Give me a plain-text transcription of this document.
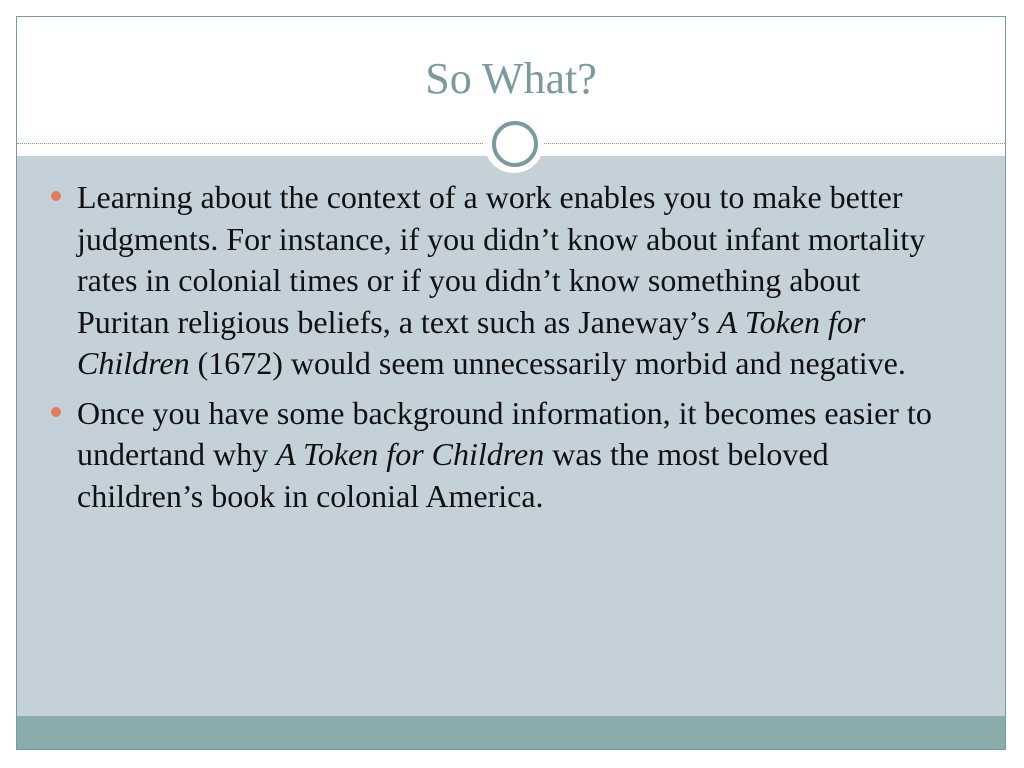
So What?
Learning about the context of a work enables you to make better judgments. For instance, if you didn’t know about infant mortality rates in colonial times or if you didn’t know something about Puritan religious beliefs, a text such as Janeway’s A Token for Children (1672) would seem unnecessarily morbid and negative.
Once you have some background information, it becomes easier to undertand why A Token for Children was the most beloved children’s book in colonial America.
